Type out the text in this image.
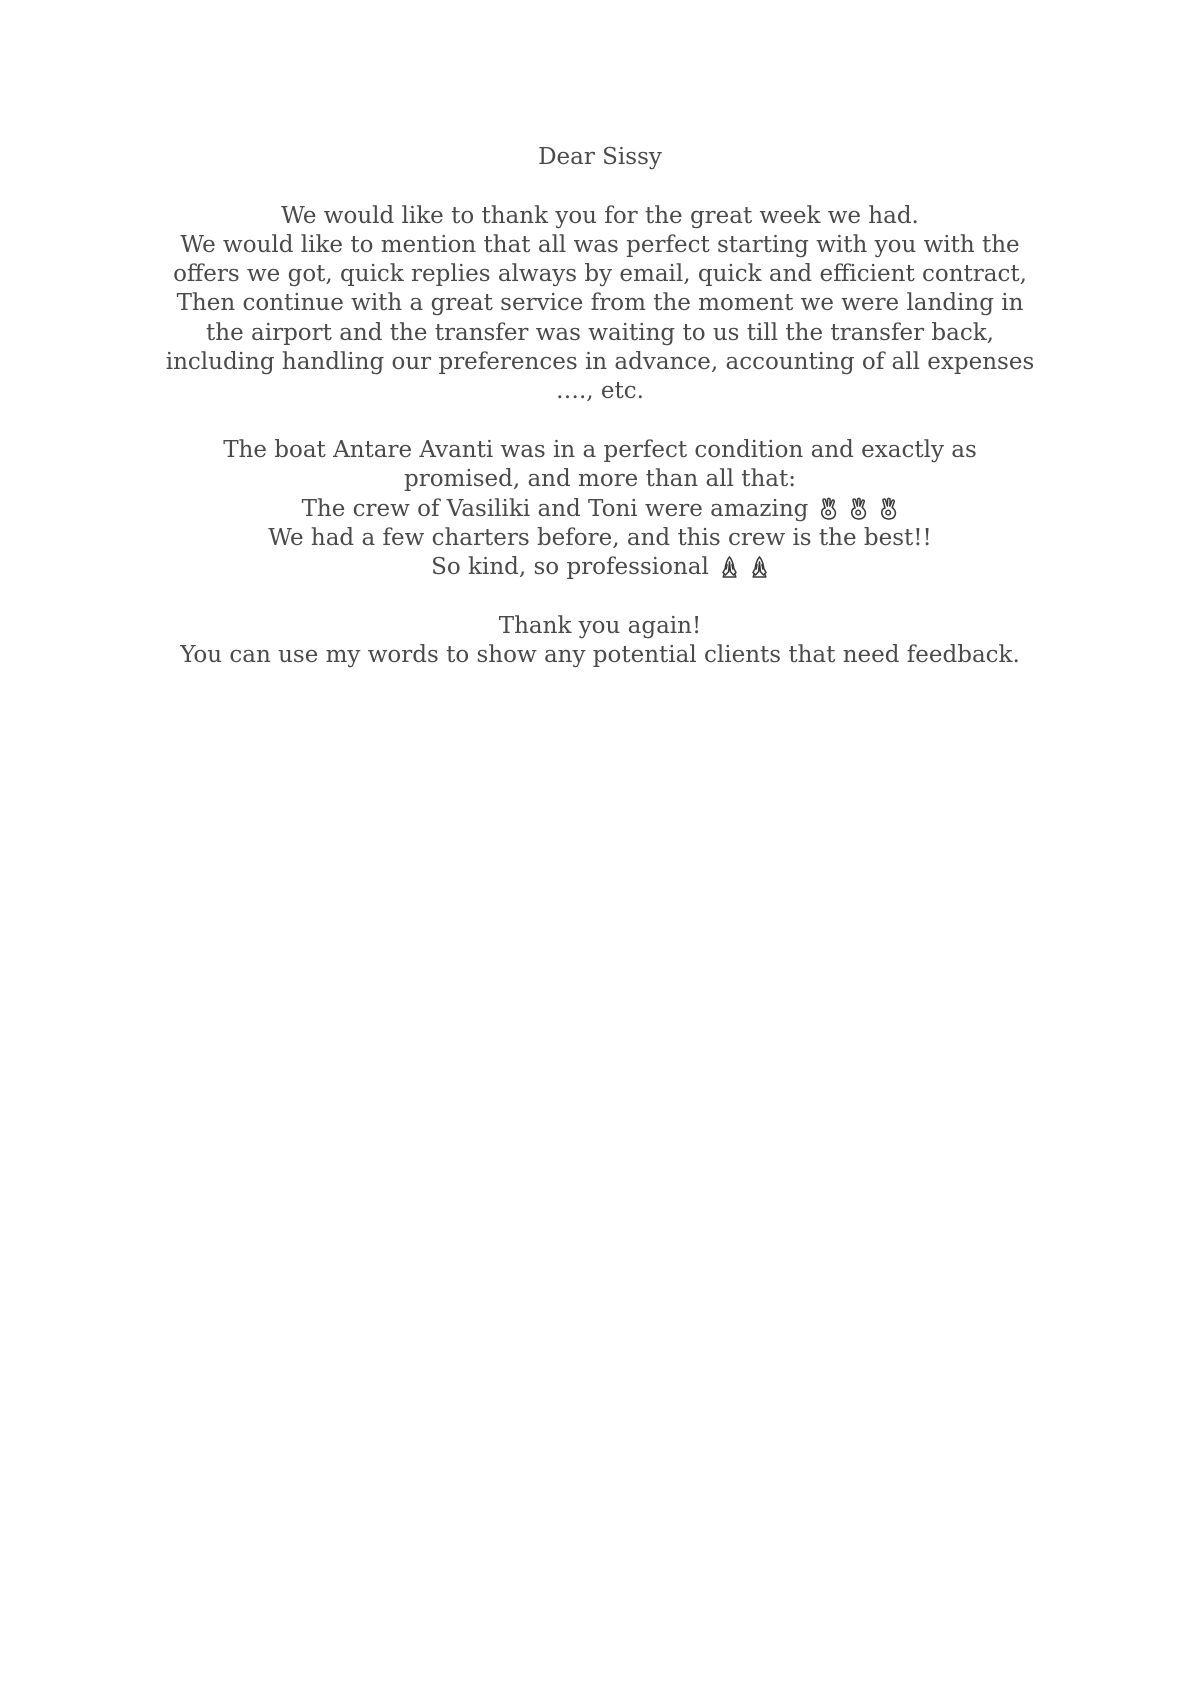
Dear Sissy
We would like to thank you for the great week we had.
We would like to mention that all was perfect starting with you with the
offers we got, quick replies always by email, quick and efficient contract,
Then continue with a great service from the moment we were landing in
the airport and the transfer was waiting to us till the transfer back,
including handling our preferences in advance, accounting of all expenses
…., etc.
The boat Antare Avanti was in a perfect condition and exactly as
promised, and more than all that:
The crew of Vasiliki and Toni were amazing
We had a few charters before, and this crew is the best!!
So kind, so professional
Thank you again!
You can use my words to show any potential clients that need feedback.
